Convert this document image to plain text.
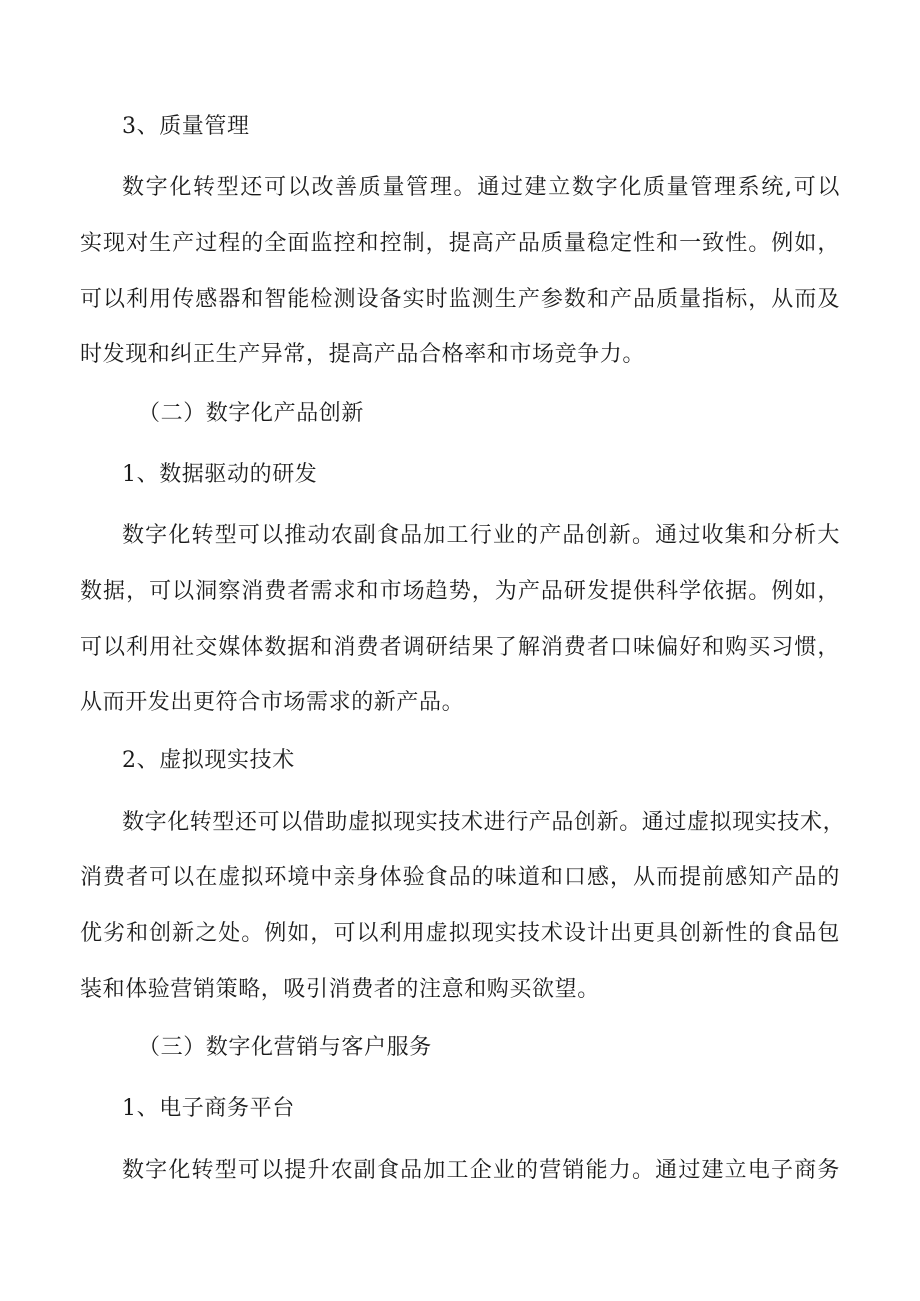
3、质量管理
数字化转型还可以改善质量管理。通过建立数字化质量管理系统,可以
实现对生产过程的全面监控和控制，提高产品质量稳定性和一致性。例如，
可以利用传感器和智能检测设备实时监测生产参数和产品质量指标，从而及
时发现和纠正生产异常，提高产品合格率和市场竞争力。
（二）数字化产品创新
1、数据驱动的研发
数字化转型可以推动农副食品加工行业的产品创新。通过收集和分析大
数据，可以洞察消费者需求和市场趋势，为产品研发提供科学依据。例如，
可以利用社交媒体数据和消费者调研结果了解消费者口味偏好和购买习惯，
从而开发出更符合市场需求的新产品。
2、虚拟现实技术
数字化转型还可以借助虚拟现实技术进行产品创新。通过虚拟现实技术，
消费者可以在虚拟环境中亲身体验食品的味道和口感，从而提前感知产品的
优劣和创新之处。例如，可以利用虚拟现实技术设计出更具创新性的食品包
装和体验营销策略，吸引消费者的注意和购买欲望。
（三）数字化营销与客户服务
1、电子商务平台
数字化转型可以提升农副食品加工企业的营销能力。通过建立电子商务
